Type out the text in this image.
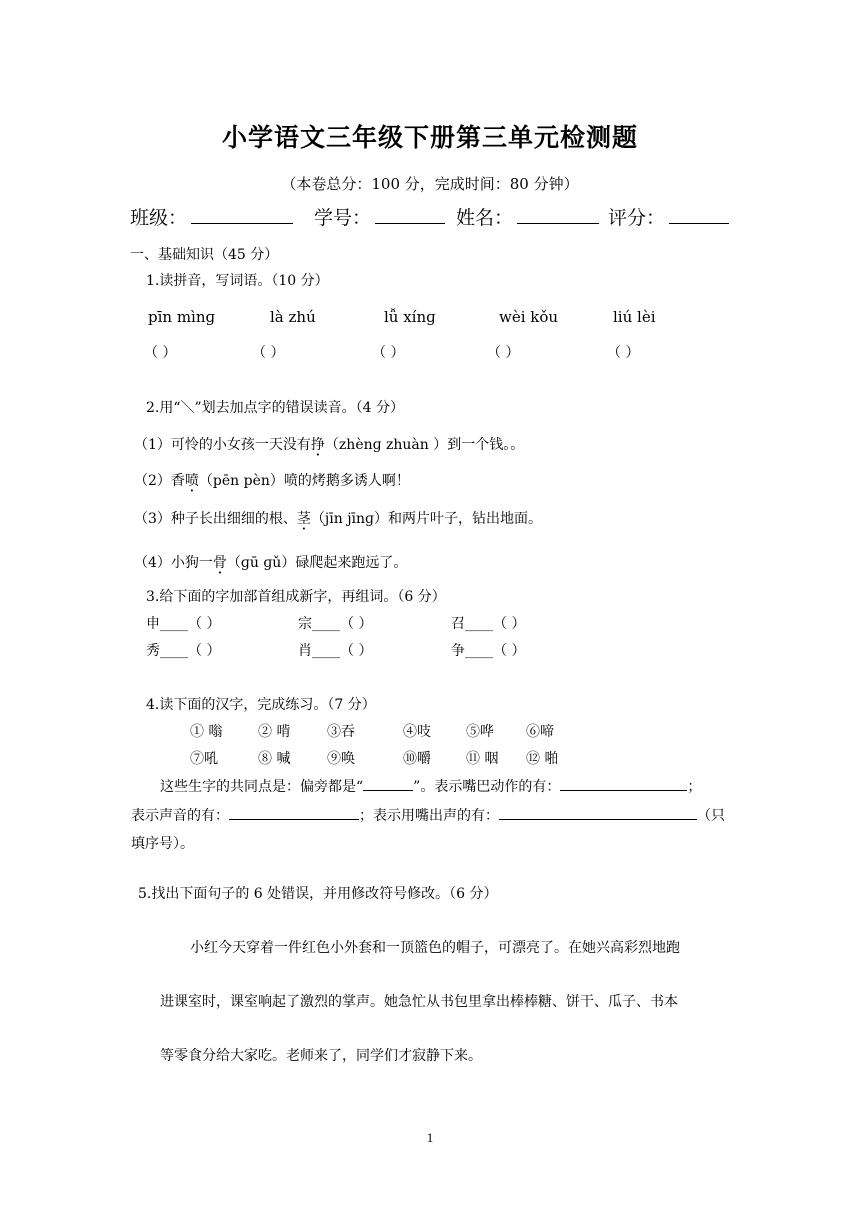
小学语文三年级下册第三单元检测题
（本卷总分：100 分，完成时间：80 分钟）
班级：	学号：	姓名：	评分：
一、基础知识（45 分）
1.读拼音，写词语。（10 分）
pīn mìnɡ	là zhú	lǚ xínɡ	wèi kǒu	liú lèi
（ ）	（ ）	（ ）	（ ）	（ ）
2.用“＼”划去加点字的错误读音。（4 分）
（1）可怜的小女孩一天没有挣（zhènɡ zhuàn ）到一个钱。。
（2）香喷（pēn pèn）喷的烤鹅多诱人啊！
（3）种子长出细细的根、茎（jīn jīnɡ）和两片叶子，钻出地面。
（4）小狗一骨（ɡū ɡǔ）碌爬起来跑远了。
3.给下面的字加部首组成新字，再组词。（6 分）
申____（ ）	宗____（ ）	召____（ ）
秀____（ ）	肖____（ ）	争____（ ）
4.读下面的汉字，完成练习。（7 分）
① 嗡	② 啃	③吞	④吱	⑤哗 ⑥啼
⑦吼	⑧ 喊	⑨唤	⑩嚼	⑪ 咽 ⑫ 啪
这些生字的共同点是：偏旁都是“	”。表示嘴巴动作的有：	；
表示声音的有：	；表示用嘴出声的有：	（只
填序号）。
5.找出下面句子的 6 处错误，并用修改符号修改。（6 分）
小红今天穿着一件红色小外套和一顶篮色的帽子，可漂亮了。在她兴高彩烈地跑
进课室时，课室响起了激烈的掌声。她急忙从书包里拿出棒棒糖、饼干、瓜子、书本
等零食分给大家吃。老师来了，同学们才寂静下来。
1
